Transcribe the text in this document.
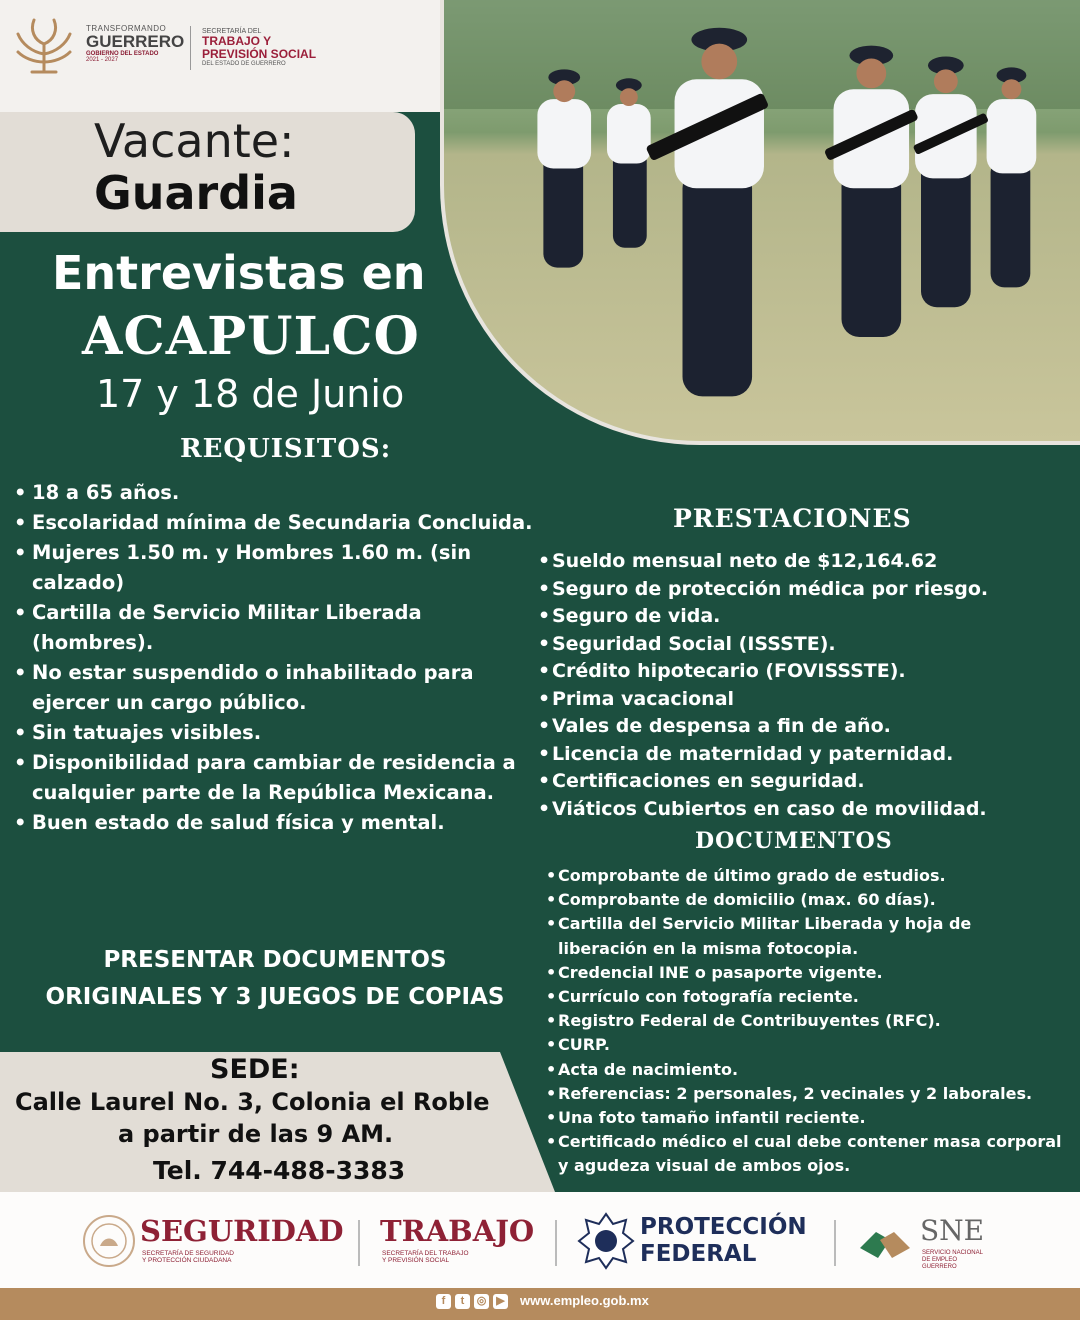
TRANSFORMANDO
GUERRERO
GOBIERNO DEL ESTADO
2021 - 2027
SECRETARÍA DEL
TRABAJO Y
PREVISIÓN SOCIAL
DEL ESTADO DE GUERRERO
Vacante:
Guardia
Entrevistas en
ACAPULCO
17 y 18 de Junio
REQUISITOS:
• 18 a 65 años.
• Escolaridad mínima de Secundaria Concluida.
• Mujeres 1.50 m. y Hombres 1.60 m. (sin calzado)
• Cartilla de Servicio Militar Liberada (hombres).
• No estar suspendido o inhabilitado para ejercer un cargo público.
• Sin tatuajes visibles.
• Disponibilidad para cambiar de residencia a cualquier parte de la República Mexicana.
• Buen estado de salud física y mental.
PRESTACIONES
• Sueldo mensual neto de $12,164.62
• Seguro de protección médica por riesgo.
• Seguro de vida.
• Seguridad Social (ISSSTE).
• Crédito hipotecario (FOVISSSTE).
• Prima vacacional
• Vales de despensa a fin de año.
• Licencia de maternidad y paternidad.
• Certificaciones en seguridad.
• Viáticos Cubiertos en caso de movilidad.
DOCUMENTOS
• Comprobante de último grado de estudios.
• Comprobante de domicilio (max. 60 días).
• Cartilla del Servicio Militar Liberada y hoja de liberación en la misma fotocopia.
• Credencial INE o pasaporte vigente.
• Currículo con fotografía reciente.
• Registro Federal de Contribuyentes (RFC).
• CURP.
• Acta de nacimiento.
• Referencias: 2 personales, 2 vecinales y 2 laborales.
• Una foto tamaño infantil reciente.
• Certificado médico el cual debe contener masa corporal y agudeza visual de ambos ojos.
PRESENTAR DOCUMENTOS
ORIGINALES Y 3 JUEGOS DE COPIAS
SEDE:
Calle Laurel No. 3, Colonia el Roble
a partir de las 9 AM.
Tel. 744-488-3383
SEGURIDAD
SECRETARÍA DE SEGURIDAD
Y PROTECCIÓN CIUDADANA
TRABAJO
SECRETARÍA DEL TRABAJO
Y PREVISIÓN SOCIAL
PROTECCIÓN
FEDERAL
SNE
SERVICIO NACIONAL
DE EMPLEO
GUERRERO
f	t	◎ ▶ www.empleo.gob.mx
